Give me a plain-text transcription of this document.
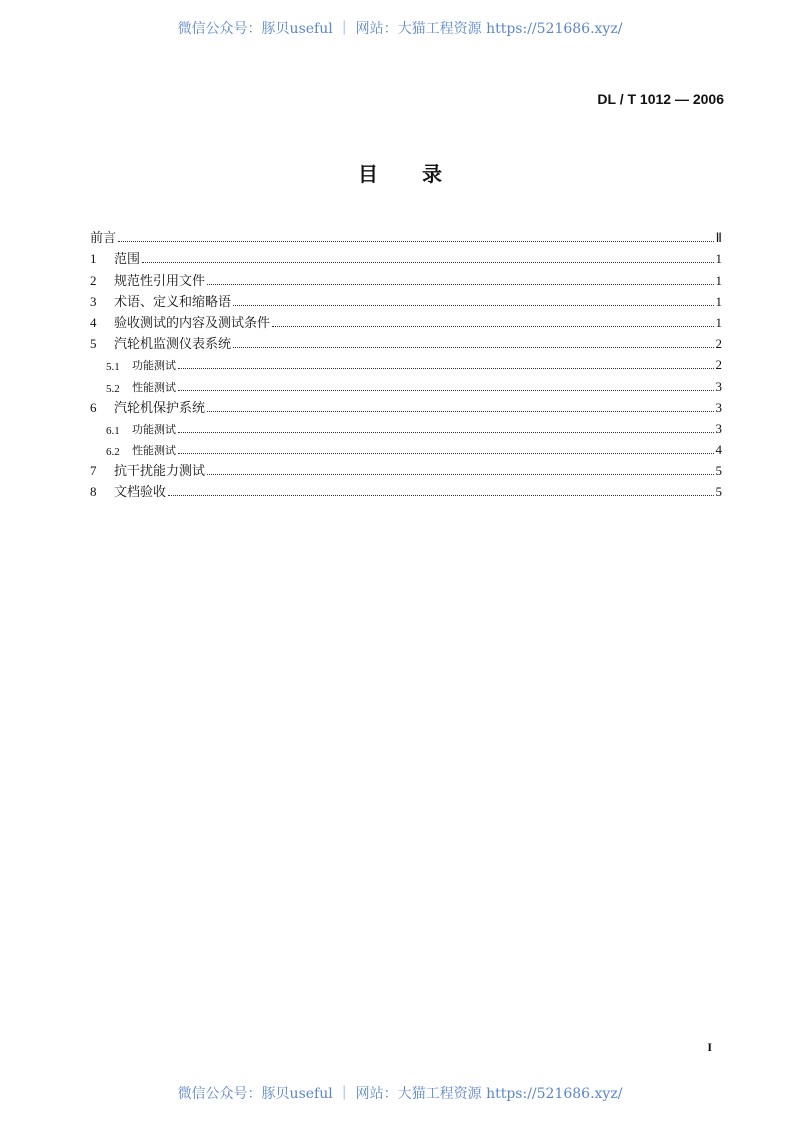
微信公众号：豚贝useful ｜ 网站：大猫工程资源 https://521686.xyz/
DL / T 1012 — 2006
目录
前言	Ⅱ
1	范围	1
2	规范性引用文件	1
3	术语、定义和缩略语	1
4	验收测试的内容及测试条件	1
5	汽轮机监测仪表系统	2
5.1	功能测试	2
5.2	性能测试	3
6	汽轮机保护系统	3
6.1	功能测试	3
6.2	性能测试	4
7	抗干扰能力测试	5
8	文档验收	5
I
微信公众号：豚贝useful ｜ 网站：大猫工程资源 https://521686.xyz/
